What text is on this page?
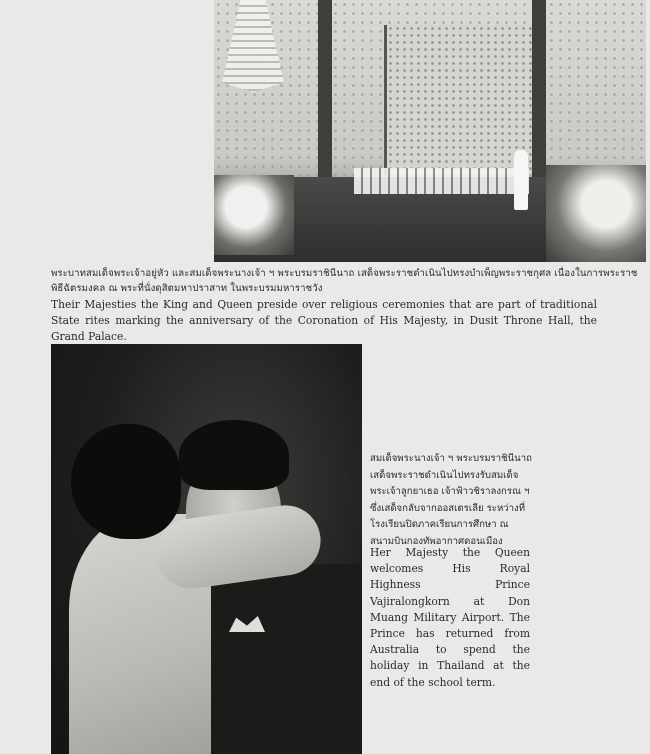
พระบาทสมเด็จพระเจ้าอยู่หัว และสมเด็จพระนางเจ้า ฯ พระบรมราชินีนาถ เสด็จพระราชดำเนินไปทรงบำเพ็ญพระราชกุศล เนื่องในการพระราชพิธีฉัตรมงคล ณ พระที่นั่งดุสิตมหาปราสาท ในพระบรมมหาราชวัง

Their Majesties the King and Queen preside over religious ceremonies that are part of traditional State rites marking the anniversary of the Coronation of His Majesty, in Dusit Throne Hall, the Grand Palace.

สมเด็จพระนางเจ้า ฯ พระบรมราชินีนาถ เสด็จพระราชดำเนินไปทรงรับสมเด็จพระเจ้าลูกยาเธอ เจ้าฟ้าวชิราลงกรณ ฯ ซึ่งเสด็จกลับจากออสเตรเลีย ระหว่างที่โรงเรียนปิดภาคเรียนการศึกษา ณ สนามบินกองทัพอากาศดอนเมือง

Her Majesty the Queen welcomes His Royal Highness Prince Vajiralongkorn at Don Muang Military Airport. The Prince has returned from Australia to spend the holiday in Thailand at the end of the school term.
